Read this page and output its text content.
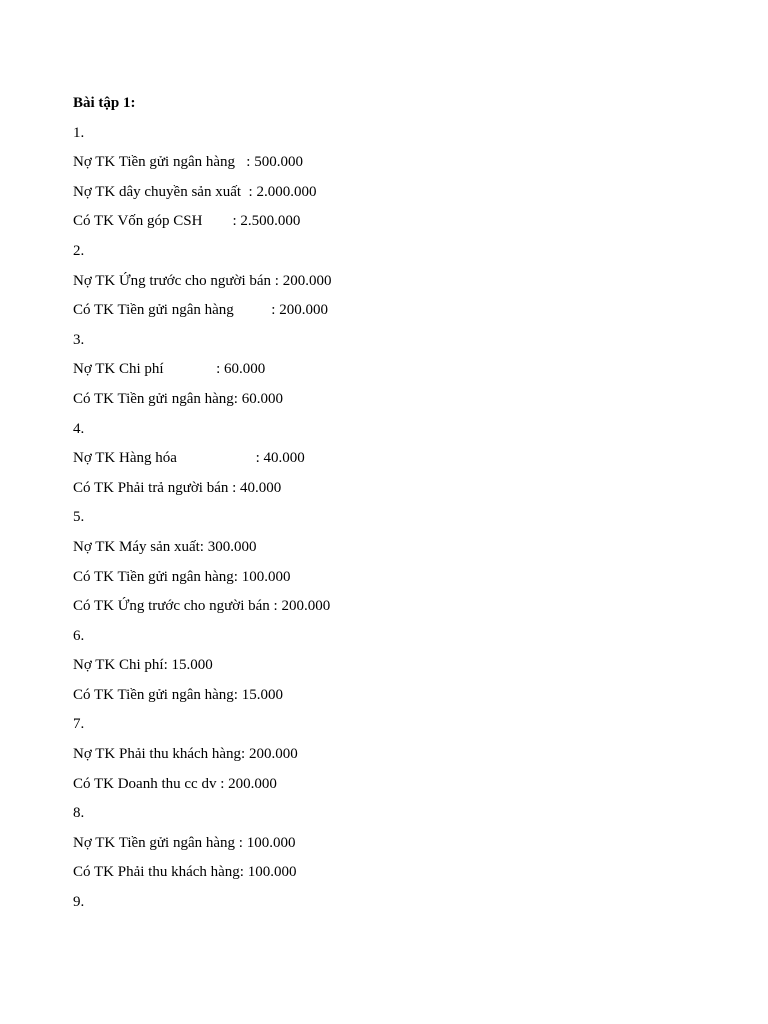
Bài tập 1:
1.
Nợ TK Tiền gửi ngân hàng   : 500.000
Nợ TK dây chuyền sản xuất  : 2.000.000
Có TK Vốn góp CSH        : 2.500.000
2.
Nợ TK Ứng trước cho người bán : 200.000
Có TK Tiền gửi ngân hàng          : 200.000
3.
Nợ TK Chi phí              : 60.000
Có TK Tiền gửi ngân hàng: 60.000
4.
Nợ TK Hàng hóa                     : 40.000
Có TK Phải trả người bán : 40.000
5.
Nợ TK Máy sản xuất: 300.000
Có TK Tiền gửi ngân hàng: 100.000
Có TK Ứng trước cho người bán : 200.000
6.
Nợ TK Chi phí: 15.000
Có TK Tiền gửi ngân hàng: 15.000
7.
Nợ TK Phải thu khách hàng: 200.000
Có TK Doanh thu cc dv : 200.000
8.
Nợ TK Tiền gửi ngân hàng : 100.000
Có TK Phải thu khách hàng: 100.000
9.
